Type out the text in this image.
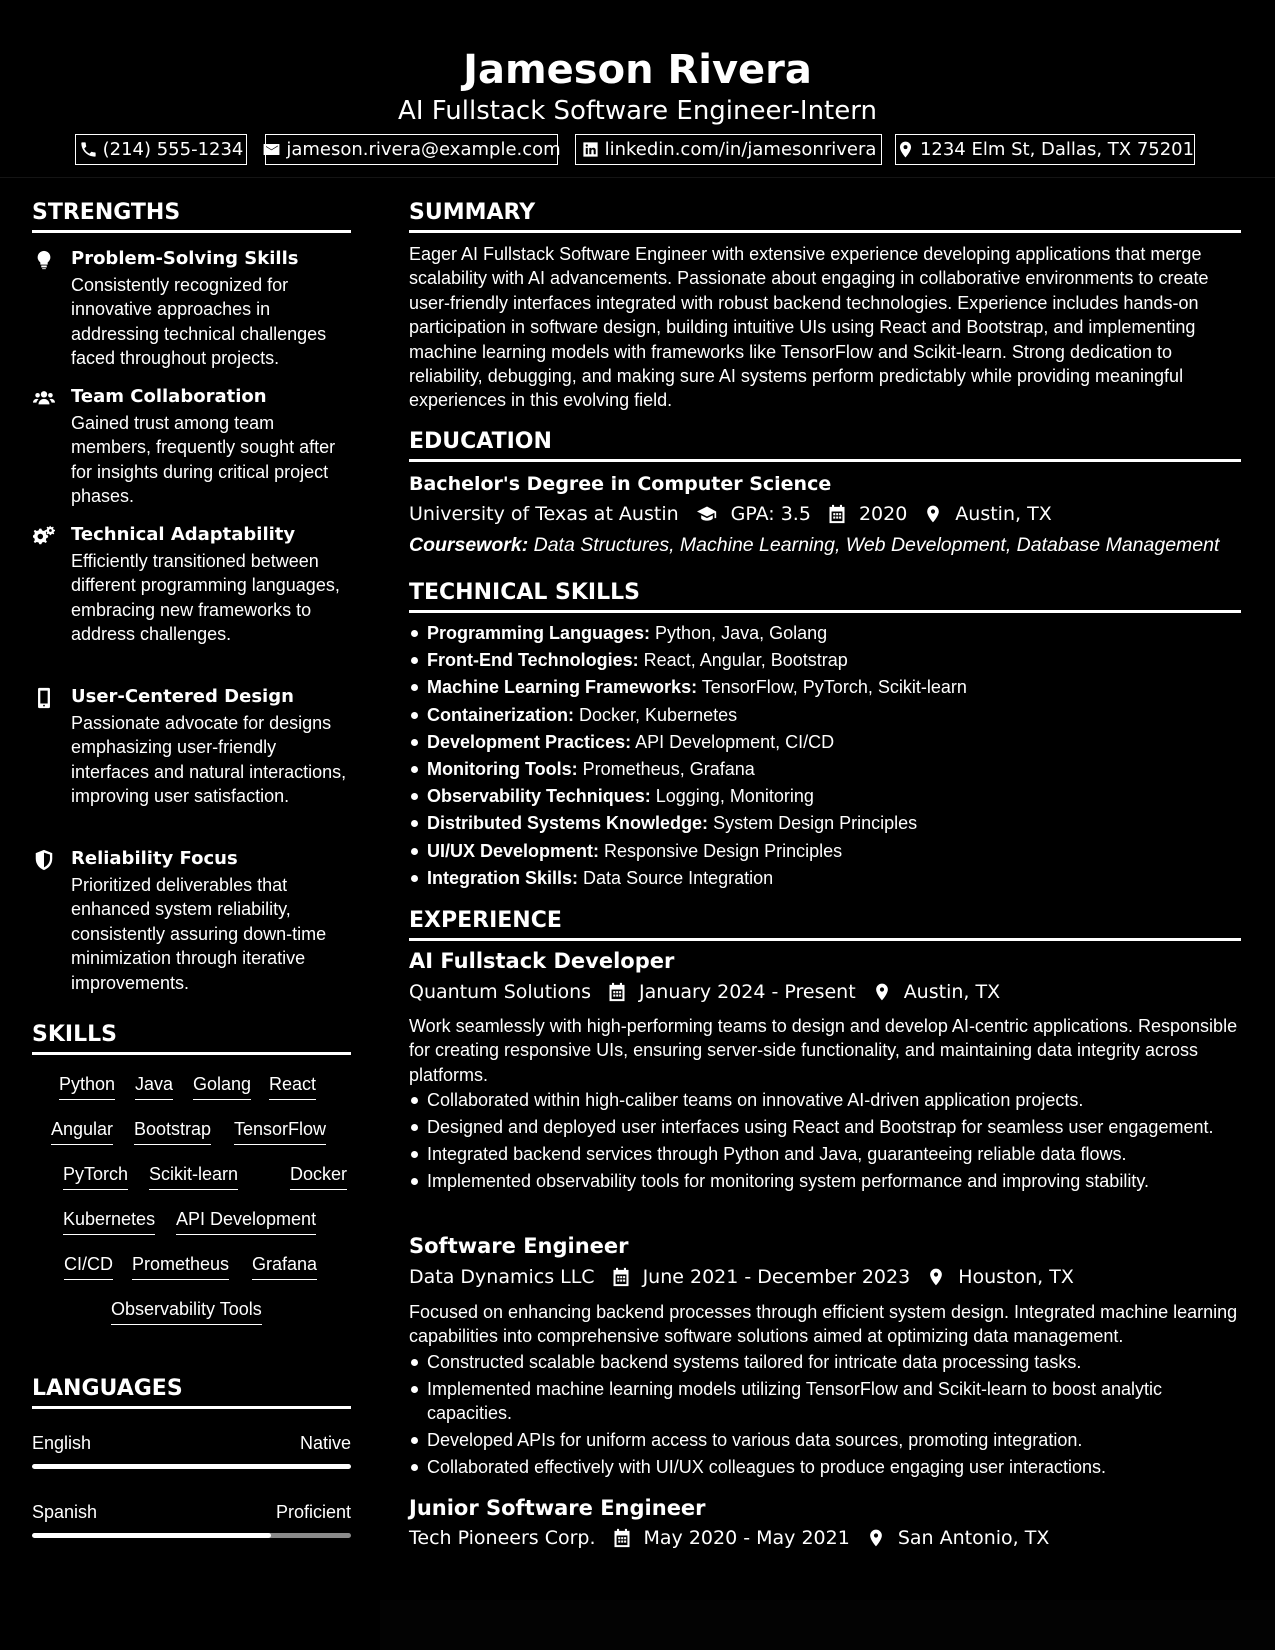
Jameson Rivera
AI Fullstack Software Engineer-Intern
(214) 555-1234 jameson.rivera@example.com linkedin.com/in/jamesonrivera 1234 Elm St, Dallas, TX 75201
STRENGTHS
Problem-Solving Skills
Consistently recognized for innovative approaches in addressing technical challenges faced throughout projects.
Team Collaboration
Gained trust among team members, frequently sought after for insights during critical project phases.
Technical Adaptability
Efficiently transitioned between different programming languages, embracing new frameworks to address challenges.
User-Centered Design
Passionate advocate for designs emphasizing user-friendly interfaces and natural interactions, improving user satisfaction.
Reliability Focus
Prioritized deliverables that enhanced system reliability, consistently assuring down-time minimization through iterative improvements.
SKILLS
Python Java Golang React
Angular Bootstrap TensorFlow
PyTorch Scikit-learn	Docker
Kubernetes API Development
CI/CD Prometheus Grafana
Observability Tools
LANGUAGES
English	Native
Spanish	Proficient
SUMMARY
Eager AI Fullstack Software Engineer with extensive experience developing applications that merge scalability with AI advancements. Passionate about engaging in collaborative environments to create user-friendly interfaces integrated with robust backend technologies. Experience includes hands-on participation in software design, building intuitive UIs using React and Bootstrap, and implementing machine learning models with frameworks like TensorFlow and Scikit-learn. Strong dedication to reliability, debugging, and making sure AI systems perform predictably while providing meaningful experiences in this evolving field.
EDUCATION
Bachelor's Degree in Computer Science
University of Texas at Austin	GPA: 3.5	2020	Austin, TX
Coursework: Data Structures, Machine Learning, Web Development, Database Management
TECHNICAL SKILLS
Programming Languages: Python, Java, Golang
Front-End Technologies: React, Angular, Bootstrap
Machine Learning Frameworks: TensorFlow, PyTorch, Scikit-learn
Containerization: Docker, Kubernetes
Development Practices: API Development, CI/CD
Monitoring Tools: Prometheus, Grafana
Observability Techniques: Logging, Monitoring
Distributed Systems Knowledge: System Design Principles
UI/UX Development: Responsive Design Principles
Integration Skills: Data Source Integration
EXPERIENCE
AI Fullstack Developer
Quantum Solutions	January 2024 - Present	Austin, TX
Work seamlessly with high-performing teams to design and develop AI-centric applications. Responsible for creating responsive UIs, ensuring server-side functionality, and maintaining data integrity across platforms.
Collaborated within high-caliber teams on innovative AI-driven application projects.
Designed and deployed user interfaces using React and Bootstrap for seamless user engagement.
Integrated backend services through Python and Java, guaranteeing reliable data flows.
Implemented observability tools for monitoring system performance and improving stability.
Software Engineer
Data Dynamics LLC	June 2021 - December 2023	Houston, TX
Focused on enhancing backend processes through efficient system design. Integrated machine learning capabilities into comprehensive software solutions aimed at optimizing data management.
Constructed scalable backend systems tailored for intricate data processing tasks.
Implemented machine learning models utilizing TensorFlow and Scikit-learn to boost analytic capacities.
Developed APIs for uniform access to various data sources, promoting integration.
Collaborated effectively with UI/UX colleagues to produce engaging user interactions.
Junior Software Engineer
Tech Pioneers Corp.	May 2020 - May 2021	San Antonio, TX
